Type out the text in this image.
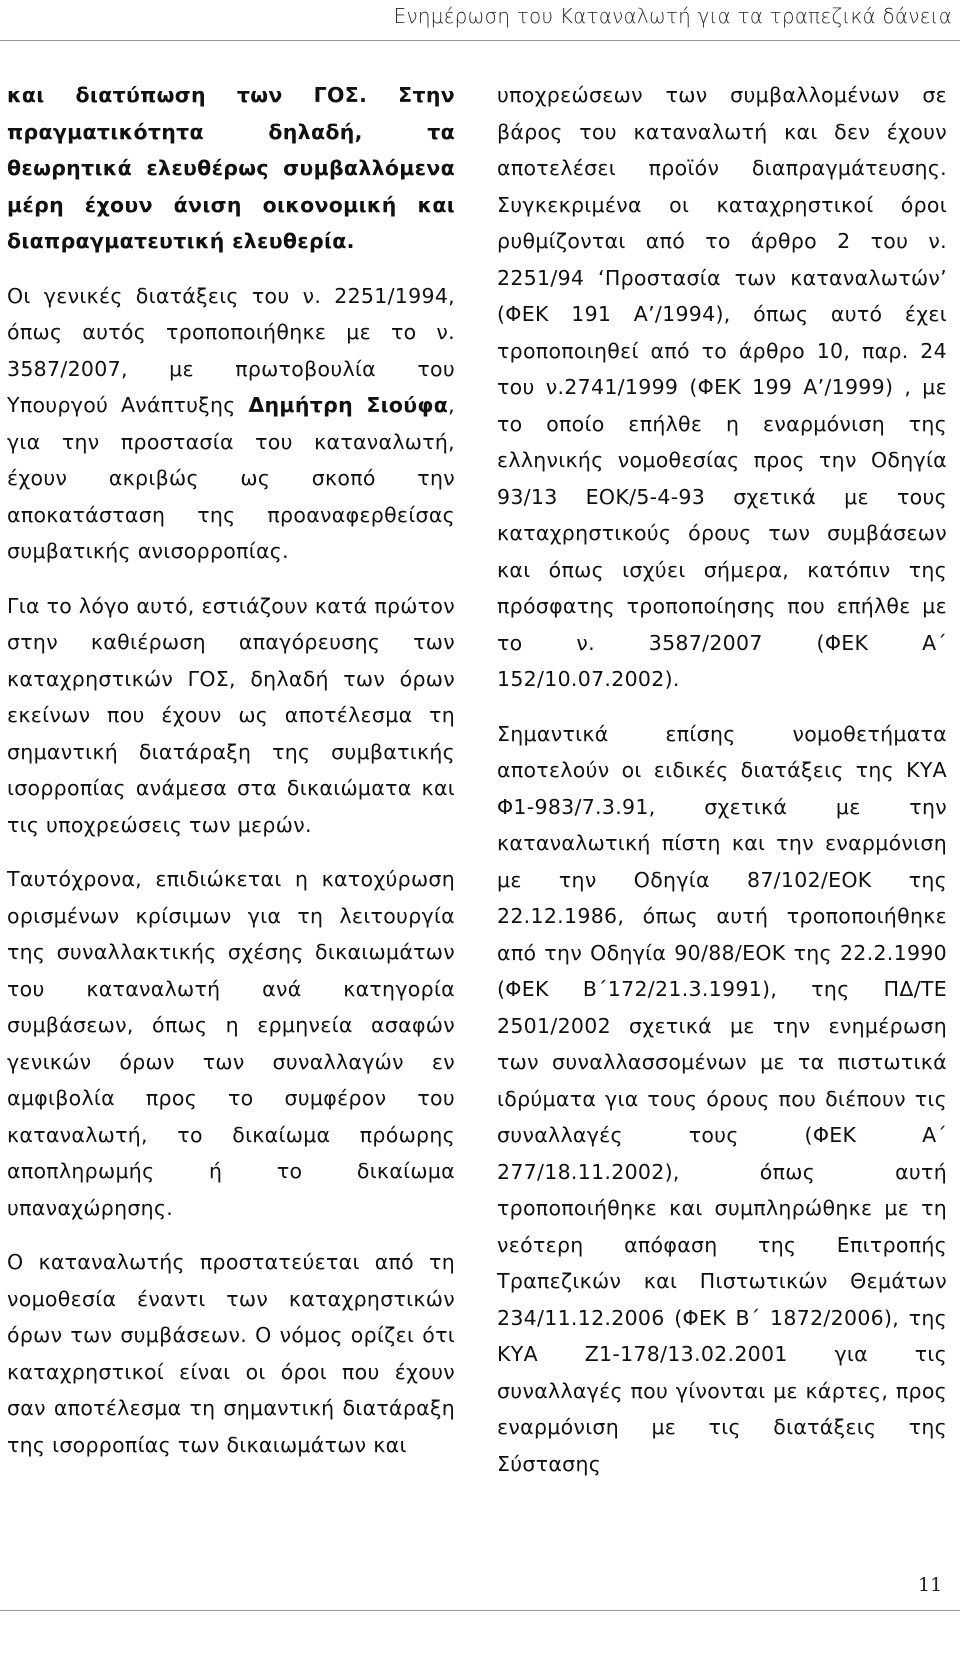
Ενημέρωση του Καταναλωτή για τα τραπεζικά δάνεια

και διατύπωση των ΓΟΣ. Στην πραγματικότητα δηλαδή, τα θεωρητικά ελευθέρως συμβαλλόμενα μέρη έχουν άνιση οικονομική και διαπραγματευτική ελευθερία.

Οι γενικές διατάξεις του ν. 2251/1994, όπως αυτός τροποποιήθηκε με το ν. 3587/2007, με πρωτοβουλία του Υπουργού Ανάπτυξης Δημήτρη Σιούφα, για την προστασία του καταναλωτή, έχουν ακριβώς ως σκοπό την αποκατάσταση της προαναφερθείσας συμβατικής ανισορροπίας.

Για το λόγο αυτό, εστιάζουν κατά πρώτον στην καθιέρωση απαγόρευσης των καταχρηστικών ΓΟΣ, δηλαδή των όρων εκείνων που έχουν ως αποτέλεσμα τη σημαντική διατάραξη της συμβατικής ισορροπίας ανάμεσα στα δικαιώματα και τις υποχρεώσεις των μερών.

Ταυτόχρονα, επιδιώκεται η κατοχύρωση ορισμένων κρίσιμων για τη λειτουργία της συναλλακτικής σχέσης δικαιωμάτων του καταναλωτή ανά κατηγορία συμβάσεων, όπως η ερμηνεία ασαφών γενικών όρων των συναλλαγών εν αμφιβολία προς το συμφέρον του καταναλωτή, το δικαίωμα πρόωρης αποπληρωμής ή το δικαίωμα υπαναχώρησης.

Ο καταναλωτής προστατεύεται από τη νομοθεσία έναντι των καταχρηστικών όρων των συμβάσεων. Ο νόμος ορίζει ότι καταχρηστικοί είναι οι όροι που έχουν σαν αποτέλεσμα τη σημαντική διατάραξη της ισορροπίας των δικαιωμάτων και

υποχρεώσεων των συμβαλλομένων σε βάρος του καταναλωτή και δεν έχουν αποτελέσει προϊόν διαπραγμάτευσης. Συγκεκριμένα οι καταχρηστικοί όροι ρυθμίζονται από το άρθρο 2 του ν. 2251/94 ‘Προστασία των καταναλωτών’ (ΦΕΚ 191 Α’/1994), όπως αυτό έχει τροποποιηθεί από το άρθρο 10, παρ. 24 του ν.2741/1999 (ΦΕΚ 199 Α’/1999) , με το οποίο επήλθε η εναρμόνιση της ελληνικής νομοθεσίας προς την Οδηγία 93/13 ΕΟΚ/5-4-93 σχετικά με τους καταχρηστικούς όρους των συμβάσεων και όπως ισχύει σήμερα, κατόπιν της πρόσφατης τροποποίησης που επήλθε με το ν. 3587/2007 (ΦΕΚ Α΄ 152/10.07.2002).

Σημαντικά επίσης νομοθετήματα αποτελούν οι ειδικές διατάξεις της ΚΥΑ Φ1-983/7.3.91, σχετικά με την καταναλωτική πίστη και την εναρμόνιση με την Οδηγία 87/102/ΕΟΚ της 22.12.1986, όπως αυτή τροποποιήθηκε από την Οδηγία 90/88/ΕΟΚ της 22.2.1990 (ΦΕΚ Β΄172/21.3.1991), της ΠΔ/ΤΕ 2501/2002 σχετικά με την ενημέρωση των συναλλασσομένων με τα πιστωτικά ιδρύματα για τους όρους που διέπουν τις συναλλαγές τους (ΦΕΚ Α΄ 277/18.11.2002), όπως αυτή τροποποιήθηκε και συμπληρώθηκε με τη νεότερη απόφαση της Επιτροπής Τραπεζικών και Πιστωτικών Θεμάτων 234/11.12.2006 (ΦΕΚ Β΄ 1872/2006), της ΚΥΑ Ζ1-178/13.02.2001 για τις συναλλαγές που γίνονται με κάρτες, προς εναρμόνιση με τις διατάξεις της Σύστασης

11
